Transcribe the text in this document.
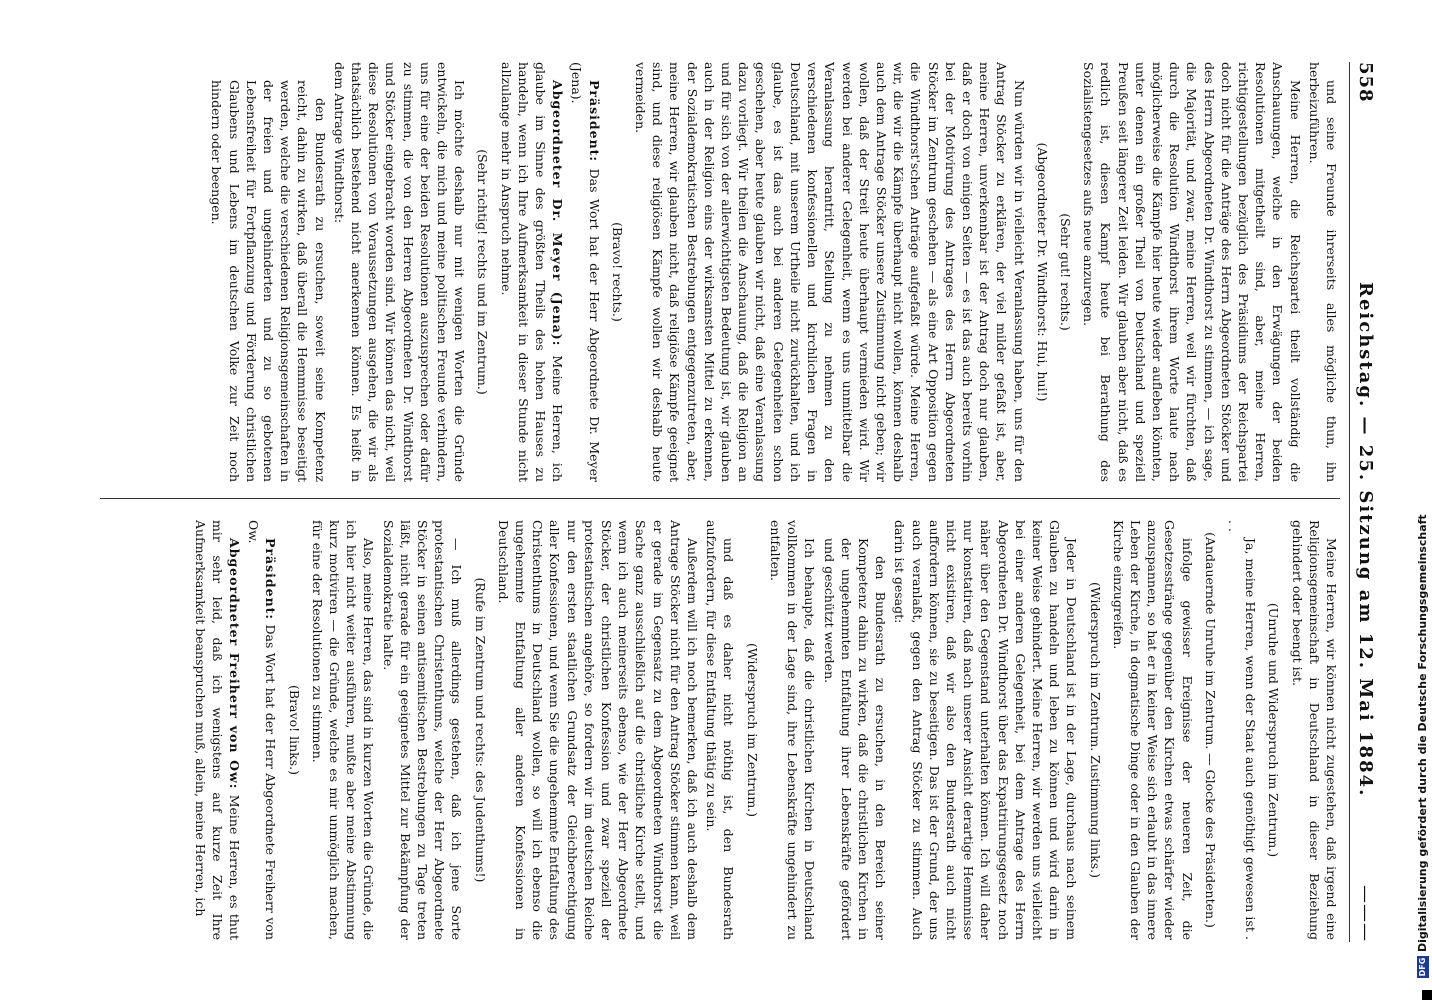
558
Reichstag. — 25. Sitzung am 12. Mai 1884.
———

und seine Freunde ihrerseits alles mögliche thun, ihn herbeizuführen.

Meine Herren, die Reichspartei theilt vollständig die Anschauungen, welche in den Erwägungen der beiden Resolutionen mitgetheilt sind, aber, meine Herren, richtiggestellungen bezüglich des Präsidiums der Reichspartei doch nicht für die Anträge des Herrn Abgeordneten Stöcker und des Herrn Abgeordneten Dr. Windthorst zu stimmen, — ich sage, die Majorität, und zwar, meine Herren, weil wir fürchten, daß durch die Resolution Windthorst ihrem Worte laute nach möglicherweise die Kämpfe hier heute wieder aufleben könnten, unter denen ein großer Theil von Deutschland und speziell Preußen seit längerer Zeit leiden. Wir glauben aber nicht, daß es redlich ist, diesen Kampf heute bei Berathung des Sozialistengesetzes aufs neue anzuregen.

(Sehr gut! rechts.)

(Abgeordneter Dr. Windthorst: Hui, hui!)

Nun würden wir in vielleicht Veranlassung haben, uns für den Antrag Stöcker zu erklären, der viel milder gefaßt ist, aber, meine Herren, unverkennbar ist der Antrag doch nur glauben, daß er doch von einigen Seiten — es ist das auch bereits vorhin bei der Motivirung des Antrages des Herrn Abgeordneten Stöcker im Zentrum geschehen — als eine Art Opposition gegen die Windthorst'schen Anträge aufgefaßt würde. Meine Herren, wir, die wir die Kämpfe überhaupt nicht wollen, können deshalb auch dem Antrage Stöcker unsere Zustimmung nicht geben; wir wollen, daß der Streit heute überhaupt vermieden wird. Wir werden bei anderer Gelegenheit, wenn es uns unmittelbar die Veranlassung herantritt, Stellung zu nehmen zu den verschiedenen konfessionellen und kirchlichen Fragen in Deutschland, mit unserem Urtheile nicht zurückhalten, und ich glaube, es ist das auch bei anderen Gelegenheiten schon geschehen, aber heute glauben wir nicht, daß eine Veranlassung dazu vorliegt. Wir theilen die Anschauung, daß die Religion an und für sich von der allerwichtigsten Bedeutung ist, wir glauben auch in der Religion eins der wirksamsten Mittel zu erkennen, der Sozialdemokratischen Bestrebungen entgegenzutreten, aber, meine Herren, wir glauben nicht, daß religiöse Kämpfe geeignet sind, und diese religiösen Kämpfe wollen wir deshalb heute vermeiden.

(Bravo! rechts.)

Präsident: Das Wort hat der Herr Abgeordnete Dr. Meyer (Jena).

Abgeordneter Dr. Meyer (Jena): Meine Herren, ich glaube im Sinne des größten Theils des hohen Hauses zu handeln, wenn ich Ihre Aufmerksamkeit in dieser Stunde nicht allzulange mehr in Anspruch nehme.

(Sehr richtig! rechts und im Zentrum.)

Ich möchte deshalb nur mit wenigen Worten die Gründe entwickeln, die mich und meine politischen Freunde verhindern, uns für eine der beiden Resolutionen auszusprechen oder dafür zu stimmen, die von den Herren Abgeordneten Dr. Windthorst und Stöcker eingebracht worden sind. Wir können das nicht, weil diese Resolutionen von Voraussetzungen ausgehen, die wir als thatsächlich bestehend nicht anerkennen können. Es heißt in dem Antrage Windthorst:

den Bundesrath zu ersuchen, soweit seine Kompetenz reicht, dahin zu wirken, daß überall die Hemmnisse beseitigt werden, welche die verschiedenen Religionsgemeinschaften in der freien und ungehinderten und zu so gebotenen Lebensfreiheit für Fortpflanzung und Förderung christlichen Glaubens und Lebens im deutschen Volke zur Zeit noch hindern oder beengen.

Meine Herren, wir können nicht zugestehen, daß irgend eine Religionsgemeinschaft in Deutschland in dieser Beziehung gehindert oder beengt ist.

(Unruhe und Widerspruch im Zentrum.)

Ja, meine Herren, wenn der Staat auch genöthigt gewesen ist . . .

(Andauernde Unruhe im Zentrum. — Glocke des Präsidenten.)

infolge gewisser Ereignisse der neueren Zeit, die Gesetzesstränge gegenüber den Kirchen etwas schärfer wieder anzuspannen, so hat er in keiner Weise sich erlaubt in das innere Leben der Kirche, in dogmatische Dinge oder in den Glauben der Kirche einzugreifen.

(Widerspruch im Zentrum. Zustimmung links.)

Jeder in Deutschland ist in der Lage, durchaus nach seinem Glauben zu handeln und leben zu können und wird darin in keiner Weise gehindert. Meine Herren, wir werden uns vielleicht bei einer anderen Gelegenheit, bei dem Antrage des Herrn Abgeordneten Dr. Windthorst über das Expatriirungsgesetz noch näher über den Gegenstand unterhalten können. Ich will daher nur konstatiren, daß nach unserer Ansicht derartige Hemmnisse nicht existiren, daß wir also den Bundesrath auch nicht auffordern können, sie zu beseitigen. Das ist der Grund, der uns auch veranlaßt, gegen den Antrag Stöcker zu stimmen. Auch darin ist gesagt:

den Bundesrath zu ersuchen, in den Bereich seiner Kompetenz dahin zu wirken, daß die christlichen Kirchen in der ungehemmten Entfaltung ihrer Lebenskräfte gefördert und geschützt werden.

Ich behaupte, daß die christlichen Kirchen in Deutschland vollkommen in der Lage sind, ihre Lebenskräfte ungehindert zu entfalten.

(Widerspruch im Zentrum.)

und daß es daher nicht nöthig ist, den Bundesrath aufzufordern, für diese Entfaltung thätig zu sein.

Außerdem will ich noch bemerken, daß ich auch deshalb dem Antrage Stöcker nicht für den Antrag Stöcker stimmen kann, weil er gerade im Gegensatz zu dem Abgeordneten Windthorst die Sache ganz ausschließlich auf die christliche Kirche stellt, und wenn ich auch meinerseits ebenso, wie der Herr Abgeordnete Stöcker, der christlichen Konfession und zwar speziell der protestantischen angehöre, so fordern wir im deutschen Reiche nur den ersten staatlichen Grundsatz der Gleichberechtigung aller Konfessionen, und wenn Sie die ungehemmte Entfaltung des Christenthums in Deutschland wollen, so will ich ebenso die ungehemmte Entfaltung aller anderen Konfessionen in Deutschland.

(Rufe im Zentrum und rechts: des Judenthums!)

— Ich muß allerdings gestehen, daß ich jene Sorte protestantischen Christenthums, welche der Herr Abgeordnete Stöcker in seinen antisemitischen Bestrebungen zu Tage treten läßt, nicht gerade für ein geeignetes Mittel zur Bekämpfung der Sozialdemokratie halte.

Also, meine Herren, das sind in kurzen Worten die Gründe, die ich hier nicht weiter ausführen, mußte aber meine Abstimmung kurz motiviren — die Gründe, welche es mir unmöglich machen, für eine der Resolutionen zu stimmen.

(Bravo! links.)

Präsident: Das Wort hat der Herr Abgeordnete Freiherr von Ow.

Abgeordneter Freiherr von Ow: Meine Herren, es thut mir sehr leid, daß ich wenigstens auf kurze Zeit Ihre Aufmerksamkeit beanspruchen muß, allein, meine Herren, ich

DFGDigitalisierung gefördert durch die Deutsche Forschungsgemeinschaft
